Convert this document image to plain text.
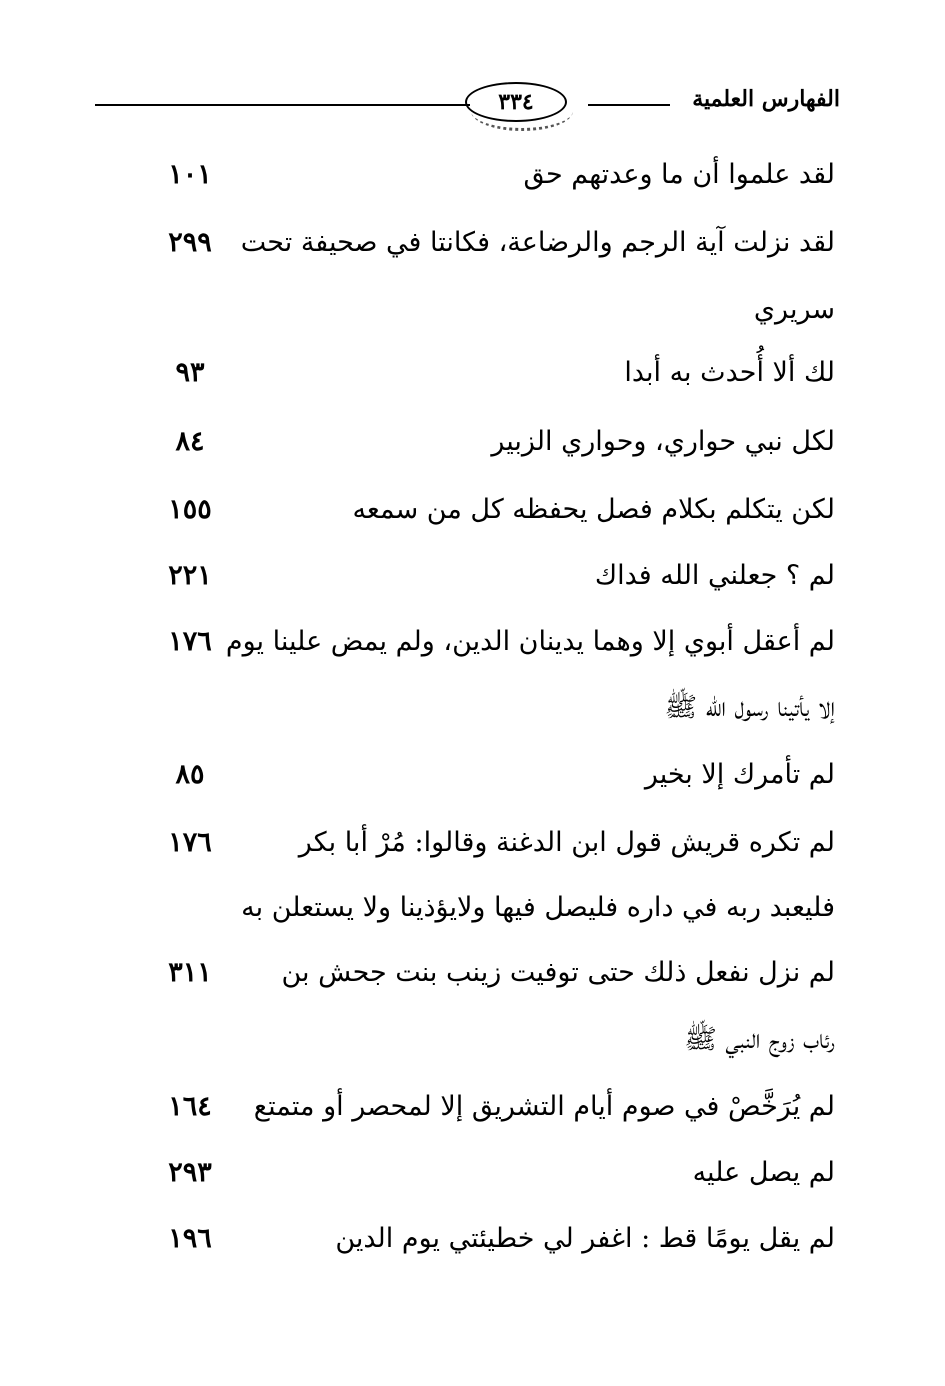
الفهارس العلمية
٣٣٤
لقد علموا أن ما وعدتهم حق
١٠١
لقد نزلت آية الرجم والرضاعة، فكانتا في صحيفة تحت
٢٩٩
سريري
لك ألا أُحدث به أبدا
٩٣
لكل نبي حواري، وحواري الزبير
٨٤
لكن يتكلم بكلام فصل يحفظه كل من سمعه
١٥٥
لم ؟ جعلني الله فداك
٢٢١
لم أعقل أبوي إلا وهما يدينان الدين، ولم يمض علينا يوم
١٧٦
إلا يأتينا رسول الله ﷺ
لم تأمرك إلا بخير
٨٥
لم تكره قريش قول ابن الدغنة وقالوا: مُرْ أبا بكر
١٧٦
فليعبد ربه في داره فليصل فيها ولايؤذينا ولا يستعلن به
لم نزل نفعل ذلك حتى توفيت زينب بنت جحش بن
٣١١
رئاب زوج النبي ﷺ
لم يُرَخَّصْ في صوم أيام التشريق إلا لمحصر أو متمتع
١٦٤
لم يصل عليه
٢٩٣
لم يقل يومًا قط : اغفر لي خطيئتي يوم الدين
١٩٦
